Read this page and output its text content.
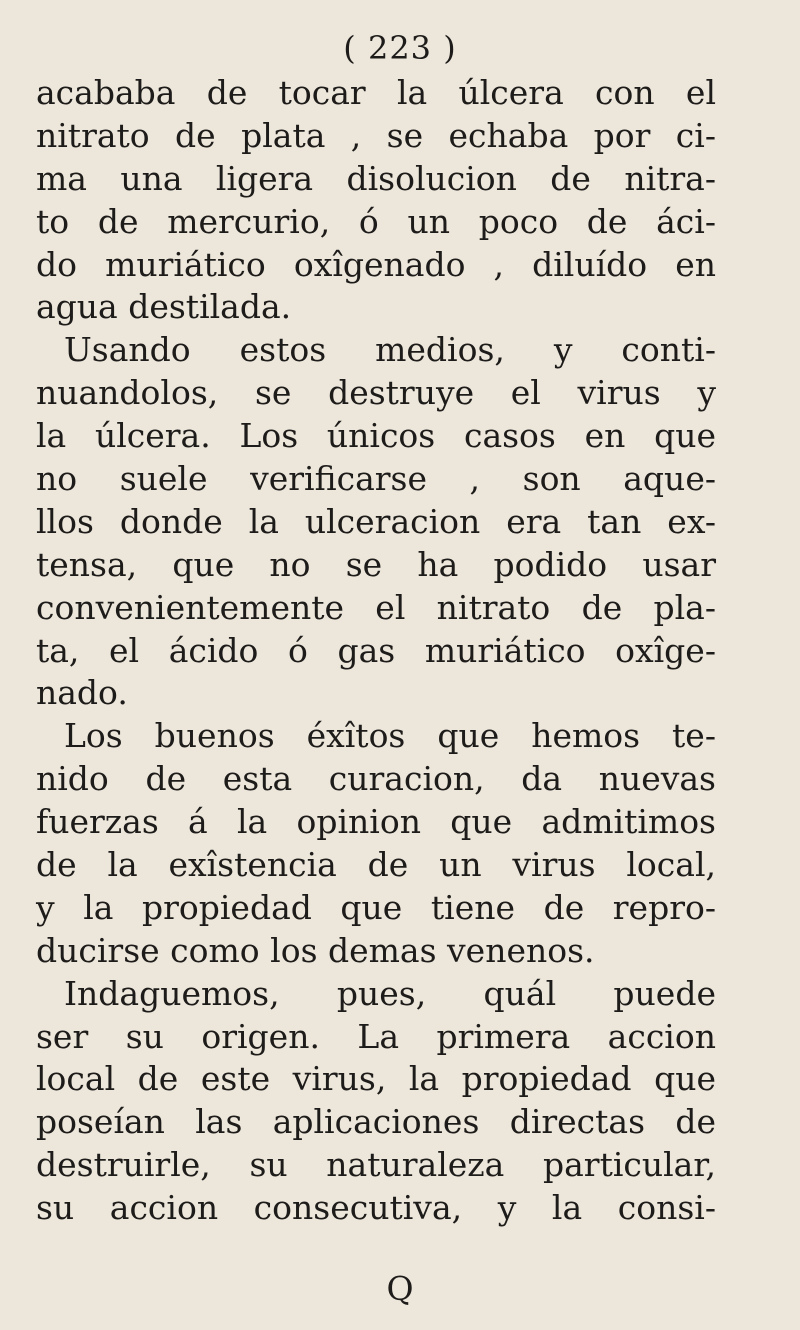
( 223 )
acababa de tocar la úlcera con el
nitrato de plata , se echaba por ci-
ma una ligera disolucion de nitra-
to de mercurio, ó un poco de áci-
do muriático oxîgenado , diluído en
agua destilada.
Usando estos medios, y conti-
nuandolos, se destruye el virus y
la úlcera. Los únicos casos en que
no suele verificarse , son aque-
llos donde la ulceracion era tan ex-
tensa, que no se ha podido usar
convenientemente el nitrato de pla-
ta, el ácido ó gas muriático oxîge-
nado.
Los buenos éxîtos que hemos te-
nido de esta curacion, da nuevas
fuerzas á la opinion que admitimos
de la exîstencia de un virus local,
y la propiedad que tiene de repro-
ducirse como los demas venenos.
Indaguemos, pues, quál puede
ser su origen. La primera accion
local de este virus, la propiedad que
poseían las aplicaciones directas de
destruirle, su naturaleza particular,
su accion consecutiva, y la consi-
Q
